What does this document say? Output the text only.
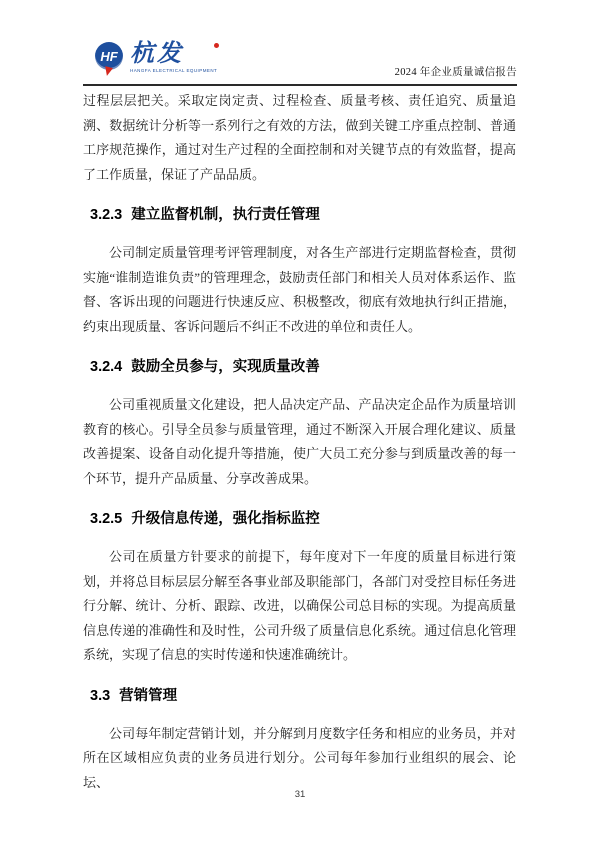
HF 杭发
HANGFA ELECTRICAL EQUIPMENT	2024 年企业质量诚信报告

过程层层把关。采取定岗定责、过程检查、质量考核、责任追究、质量追溯、数据统计分析等一系列行之有效的方法，做到关键工序重点控制、普通工序规范操作，通过对生产过程的全面控制和对关键节点的有效监督，提高了工作质量，保证了产品品质。

3.2.3 建立监督机制，执行责任管理

公司制定质量管理考评管理制度，对各生产部进行定期监督检查，贯彻实施“谁制造谁负责”的管理理念，鼓励责任部门和相关人员对体系运作、监督、客诉出现的问题进行快速反应、积极整改，彻底有效地执行纠正措施，约束出现质量、客诉问题后不纠正不改进的单位和责任人。

3.2.4 鼓励全员参与，实现质量改善

公司重视质量文化建设，把人品决定产品、产品决定企品作为质量培训教育的核心。引导全员参与质量管理，通过不断深入开展合理化建议、质量改善提案、设备自动化提升等措施，使广大员工充分参与到质量改善的每一个环节，提升产品质量、分享改善成果。

3.2.5 升级信息传递，强化指标监控

公司在质量方针要求的前提下，每年度对下一年度的质量目标进行策划，并将总目标层层分解至各事业部及职能部门，各部门对受控目标任务进行分解、统计、分析、跟踪、改进，以确保公司总目标的实现。为提高质量信息传递的准确性和及时性，公司升级了质量信息化系统。通过信息化管理系统，实现了信息的实时传递和快速准确统计。

3.3 营销管理

公司每年制定营销计划，并分解到月度数字任务和相应的业务员，并对所在区域相应负责的业务员进行划分。公司每年参加行业组织的展会、论坛、

31
